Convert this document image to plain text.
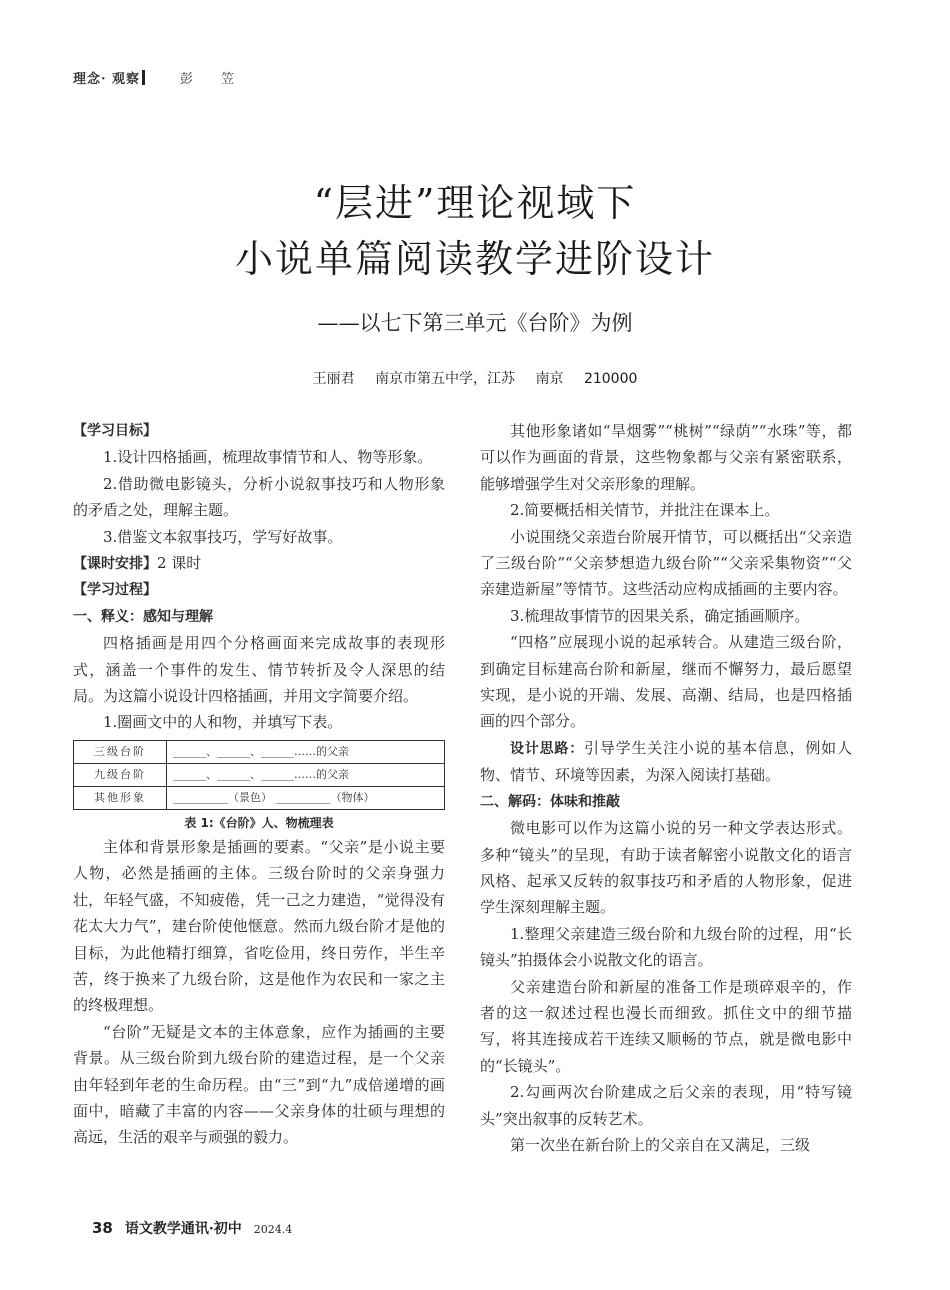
理念· 观察	彭 笠
“层进”理论视域下
小说单篇阅读教学进阶设计
——以七下第三单元《台阶》为例
王丽君 南京市第五中学，江苏 南京 210000

【学习目标】

1.设计四格插画，梳理故事情节和人、物等形象。

2.借助微电影镜头，分析小说叙事技巧和人物形象的矛盾之处，理解主题。

3.借鉴文本叙事技巧，学写好故事。

【课时安排】2 课时

【学习过程】

一、释义：感知与理解

四格插画是用四个分格画面来完成故事的表现形式，涵盖一个事件的发生、情节转折及令人深思的结局。为这篇小说设计四格插画，并用文字简要介绍。

1.圈画文中的人和物，并填写下表。

三级台阶	______、______、______……的父亲
九级台阶	______、______、______……的父亲
其他形象	__________（景色） __________（物体）
表 1:《台阶》人、物梳理表

主体和背景形象是插画的要素。“父亲”是小说主要人物，必然是插画的主体。三级台阶时的父亲身强力壮，年轻气盛，不知疲倦，凭一己之力建造，“觉得没有花太大力气”，建台阶使他惬意。然而九级台阶才是他的目标，为此他精打细算，省吃俭用，终日劳作，半生辛苦，终于换来了九级台阶，这是他作为农民和一家之主的终极理想。

“台阶”无疑是文本的主体意象，应作为插画的主要背景。从三级台阶到九级台阶的建造过程，是一个父亲由年轻到年老的生命历程。由“三”到“九”成倍递增的画面中，暗藏了丰富的内容——父亲身体的壮硕与理想的高远，生活的艰辛与顽强的毅力。

其他形象诸如“旱烟雾”“桃树”“绿荫”“水珠”等，都可以作为画面的背景，这些物象都与父亲有紧密联系，能够增强学生对父亲形象的理解。

2.简要概括相关情节，并批注在课本上。

小说围绕父亲造台阶展开情节，可以概括出“父亲造了三级台阶”“父亲梦想造九级台阶”“父亲采集物资”“父亲建造新屋”等情节。这些活动应构成插画的主要内容。

3.梳理故事情节的因果关系，确定插画顺序。

“四格”应展现小说的起承转合。从建造三级台阶，到确定目标建高台阶和新屋，继而不懈努力，最后愿望实现，是小说的开端、发展、高潮、结局，也是四格插画的四个部分。

设计思路：引导学生关注小说的基本信息，例如人物、情节、环境等因素，为深入阅读打基础。

二、解码：体味和推敲

微电影可以作为这篇小说的另一种文学表达形式。多种“镜头”的呈现，有助于读者解密小说散文化的语言风格、起承又反转的叙事技巧和矛盾的人物形象，促进学生深刻理解主题。

1.整理父亲建造三级台阶和九级台阶的过程，用“长镜头”拍摄体会小说散文化的语言。

父亲建造台阶和新屋的准备工作是琐碎艰辛的，作者的这一叙述过程也漫长而细致。抓住文中的细节描写，将其连接成若干连续又顺畅的节点，就是微电影中的“长镜头”。

2.勾画两次台阶建成之后父亲的表现，用“特写镜头”突出叙事的反转艺术。

第一次坐在新台阶上的父亲自在又满足，三级

38 语文教学通讯·初中 2024.4
